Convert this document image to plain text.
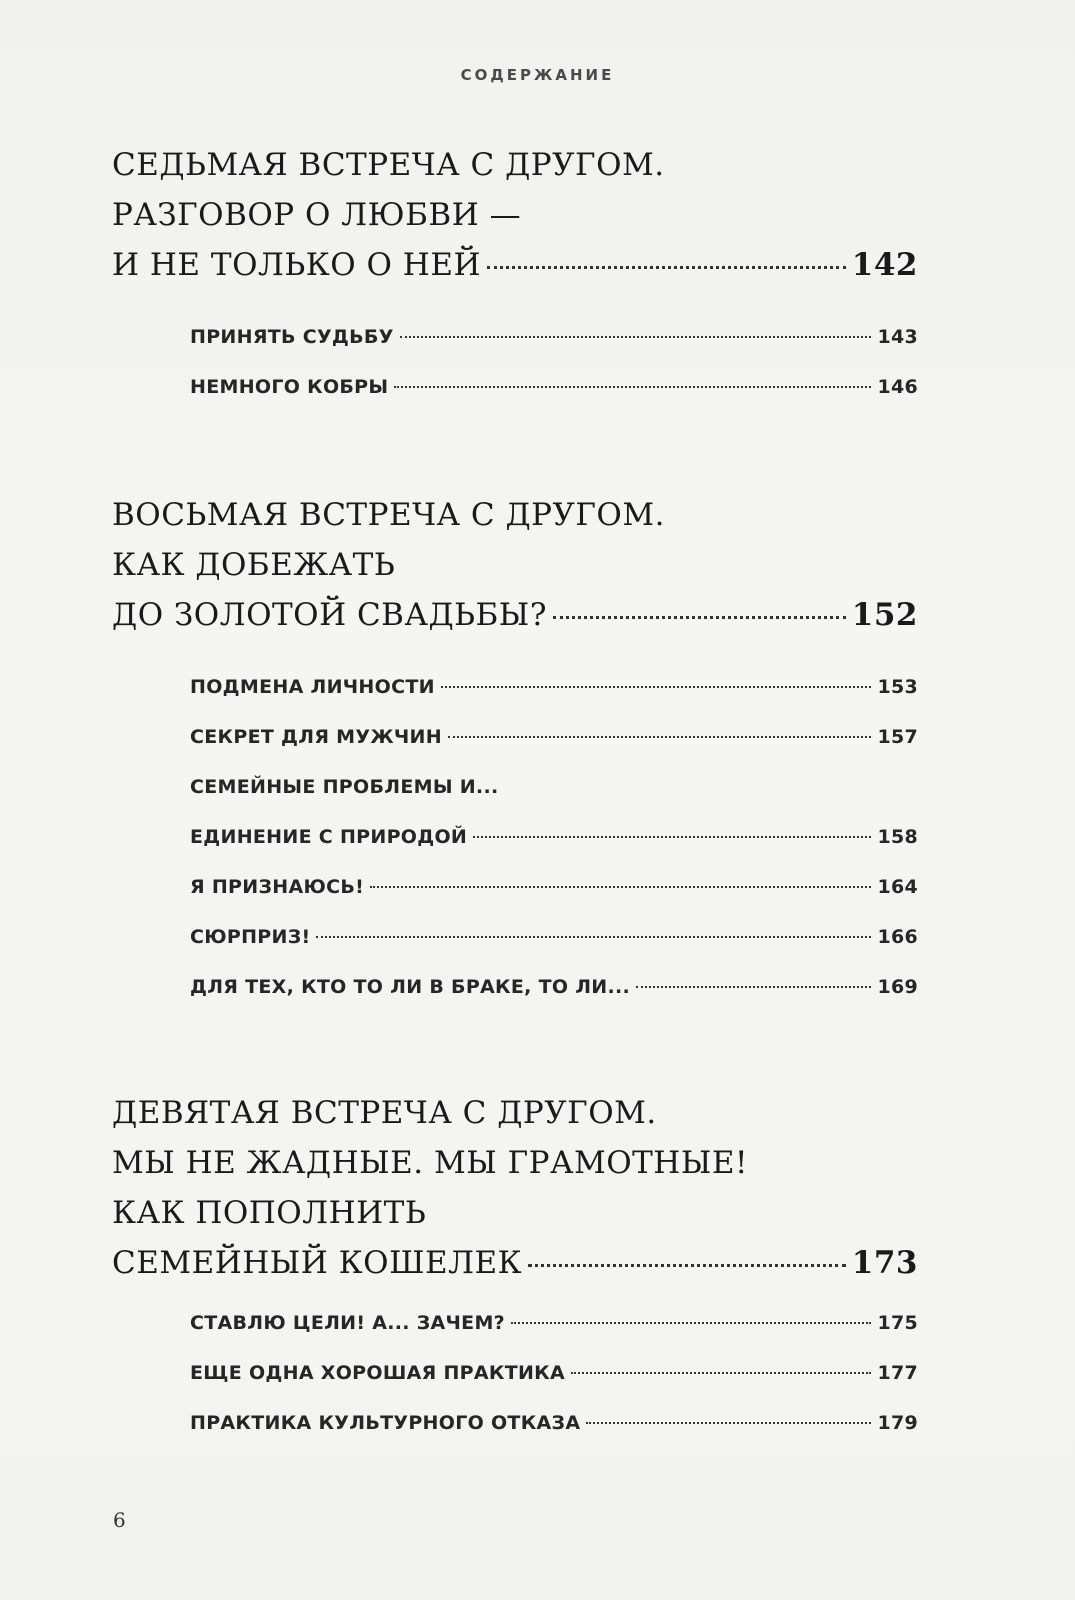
СОДЕРЖАНИЕ
СЕДЬМАЯ ВСТРЕЧА С ДРУГОМ.
РАЗГОВОР О ЛЮБВИ —
И НЕ ТОЛЬКО О НЕЙ	142
ПРИНЯТЬ СУДЬБУ	143
НЕМНОГО КОБРЫ	146
ВОСЬМАЯ ВСТРЕЧА С ДРУГОМ.
КАК ДОБЕЖАТЬ
ДО ЗОЛОТОЙ СВАДЬБЫ?	152
ПОДМЕНА ЛИЧНОСТИ	153
СЕКРЕТ ДЛЯ МУЖЧИН	157
СЕМЕЙНЫЕ ПРОБЛЕМЫ И...
ЕДИНЕНИЕ С ПРИРОДОЙ	158
Я ПРИЗНАЮСЬ!	164
СЮРПРИЗ!	166
ДЛЯ ТЕХ, КТО ТО ЛИ В БРАКЕ, ТО ЛИ...	169
ДЕВЯТАЯ ВСТРЕЧА С ДРУГОМ.
МЫ НЕ ЖАДНЫЕ. МЫ ГРАМОТНЫЕ!
КАК ПОПОЛНИТЬ
СЕМЕЙНЫЙ КОШЕЛЕК	173
СТАВЛЮ ЦЕЛИ! А... ЗАЧЕМ?	175
ЕЩЕ ОДНА ХОРОШАЯ ПРАКТИКА	177
ПРАКТИКА КУЛЬТУРНОГО ОТКАЗА	179
6
